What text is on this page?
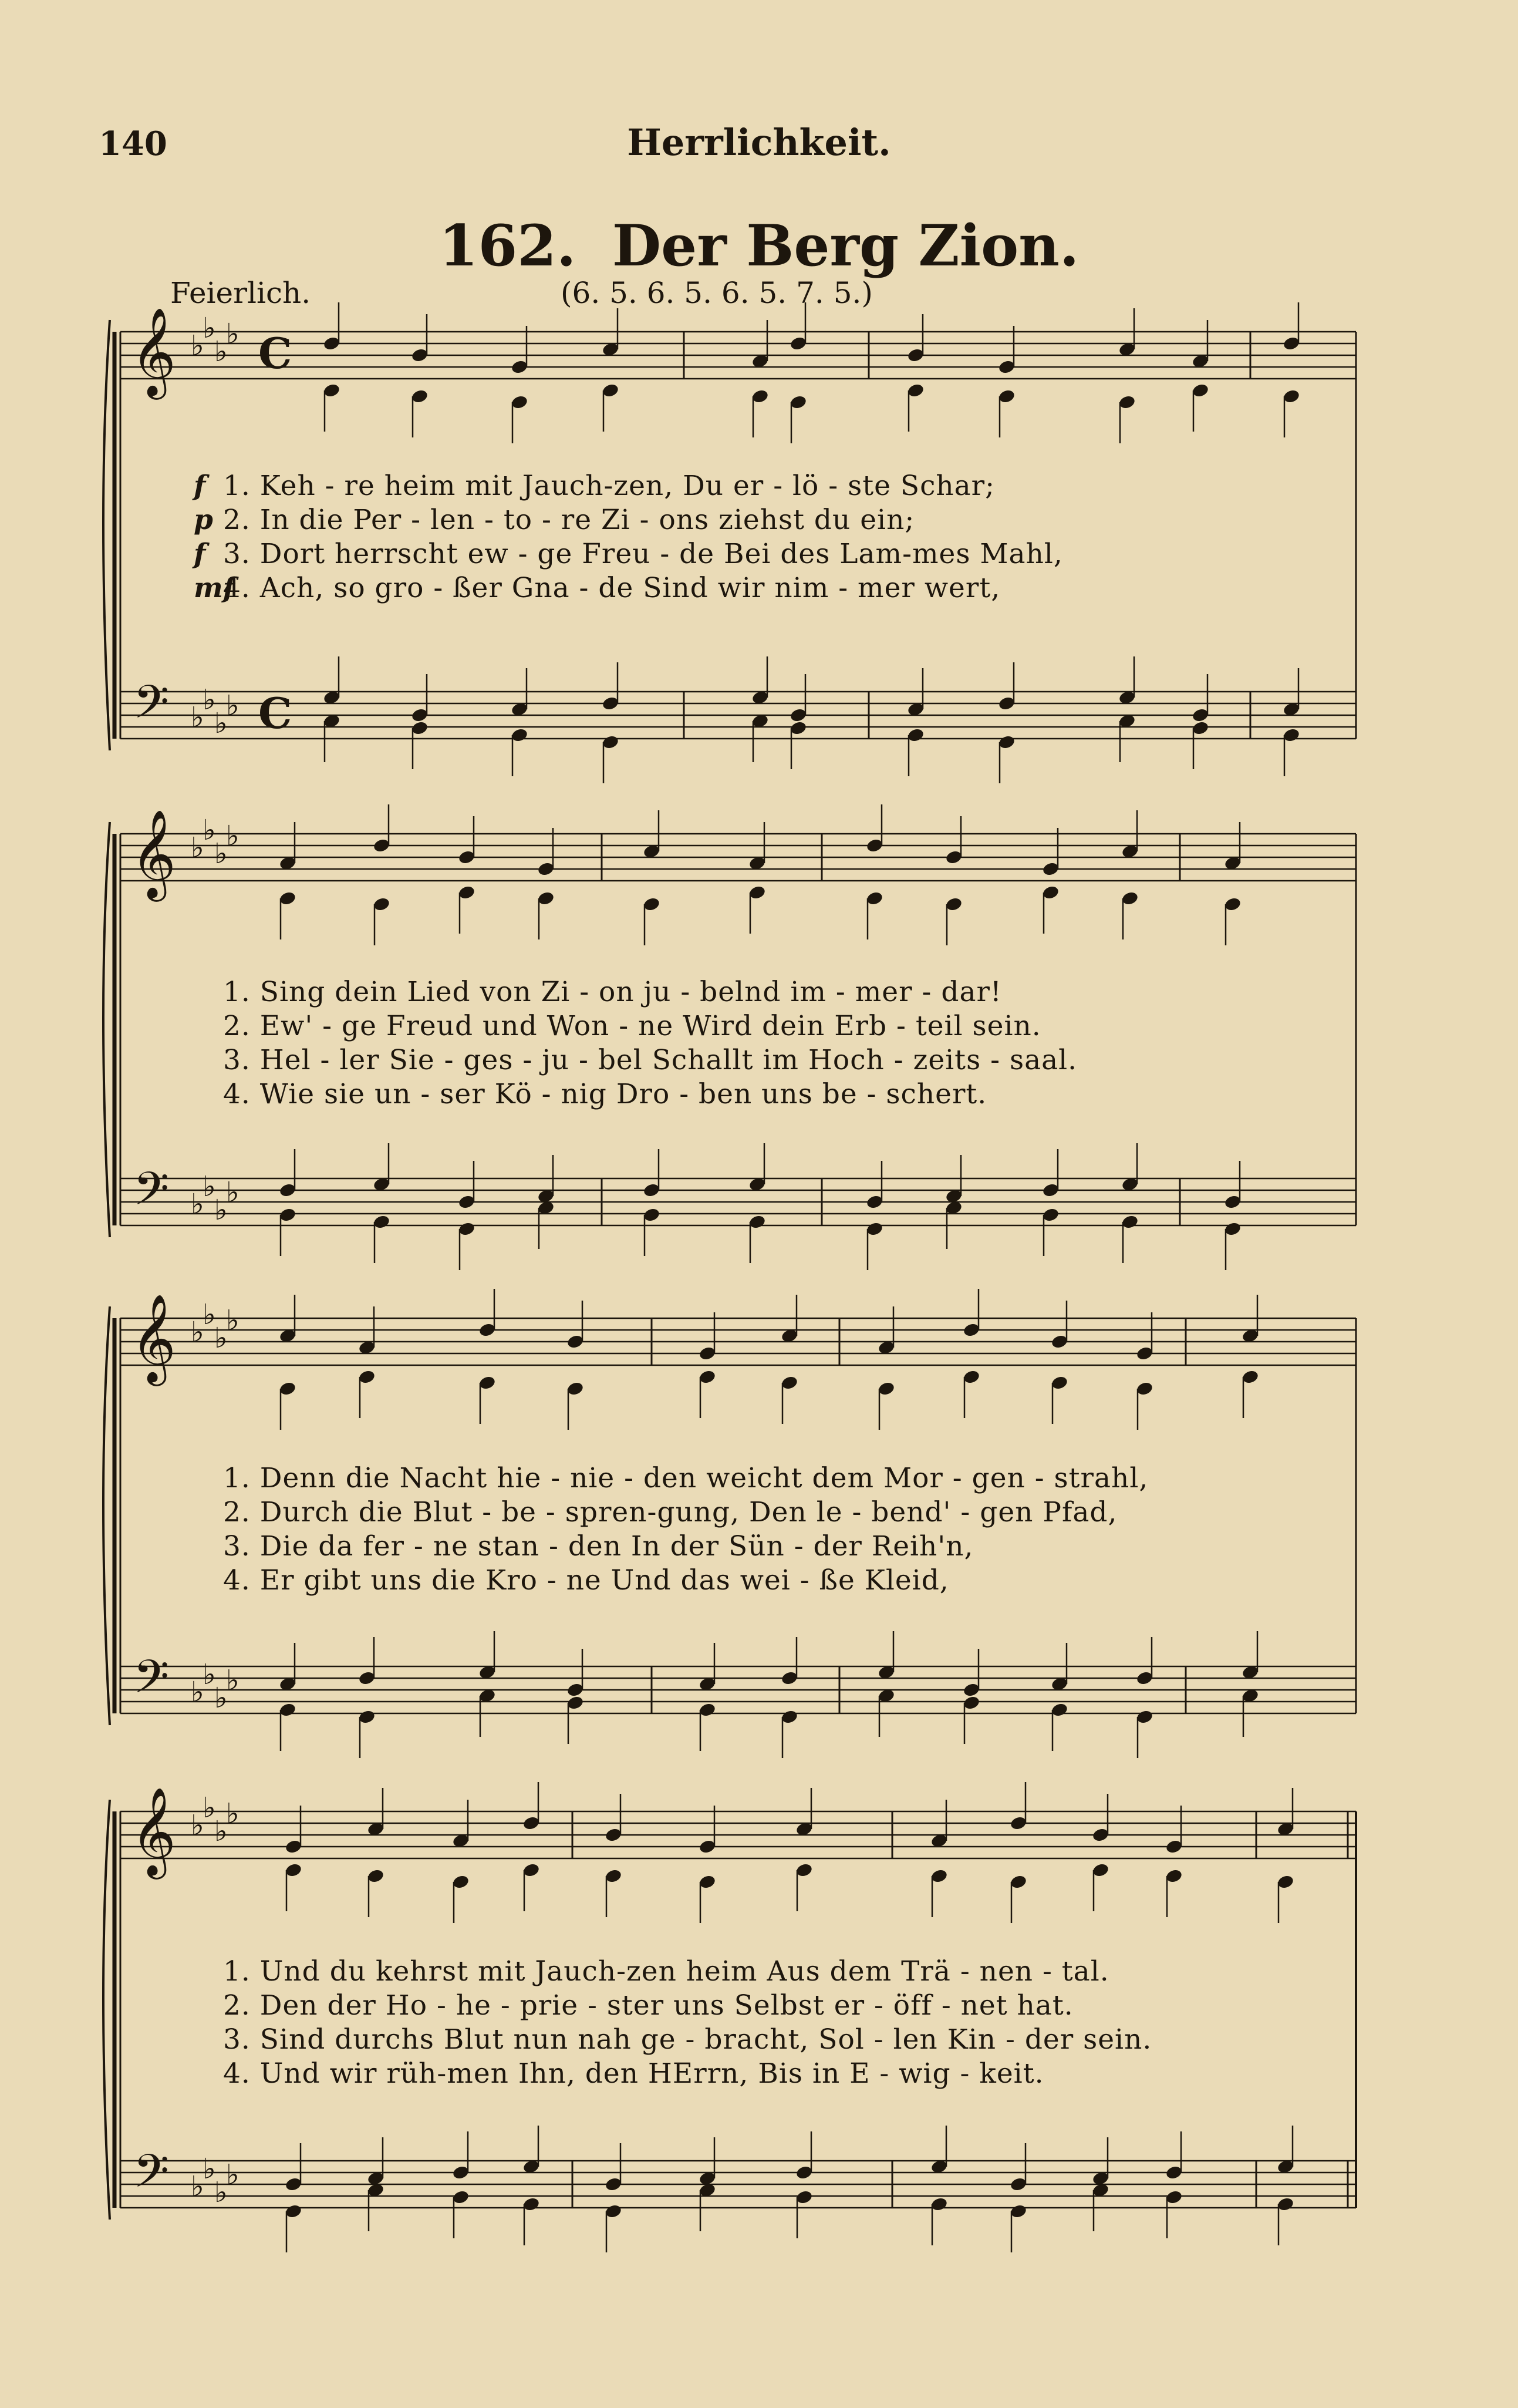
140	Herrlichkeit.
162. Der Berg Zion.
Feierlich.	(6. 5. 6. 5. 6. 5. 7. 5.)
𝄞
𝄢
♭
♭
♭
♭
♭
♭
♭
♭
C
C
𝄞
𝄢
♭
♭
♭
♭
♭
♭
♭
♭
𝄞
𝄢
♭
♭
♭
♭
♭
♭
♭
♭
𝄞
𝄢
♭
♭
♭
♭
♭
♭
♭
♭
f 1. Keh - re heim mit Jauch-zen, Du er - lö - ste Schar;
p 2. In die Per - len - to - re Zi - ons ziehst du ein;
f 3. Dort herrscht ew - ge Freu - de Bei des Lam-mes Mahl,
mf
4. Ach, so gro - ßer Gna - de Sind wir nim - mer wert,
1. Sing dein Lied von Zi - on ju - belnd im - mer - dar!
2. Ew' - ge Freud und Won - ne Wird dein Erb - teil sein.
3. Hel - ler Sie - ges - ju - bel Schallt im Hoch - zeits - saal.
4. Wie sie un - ser Kö - nig Dro - ben uns be - schert.
1. Denn die Nacht hie - nie - den weicht dem Mor - gen - strahl,
2. Durch die Blut - be - spren-gung, Den le - bend' - gen Pfad,
3. Die da fer - ne stan - den In der Sün - der Reih'n,
4. Er gibt uns die Kro - ne Und das wei - ße Kleid,
1. Und du kehrst mit Jauch-zen heim Aus dem Trä - nen - tal.
2. Den der Ho - he - prie - ster uns Selbst er - öff - net hat.
3. Sind durchs Blut nun nah ge - bracht, Sol - len Kin - der sein.
4. Und wir rüh-men Ihn, den HErrn, Bis in E - wig - keit.
